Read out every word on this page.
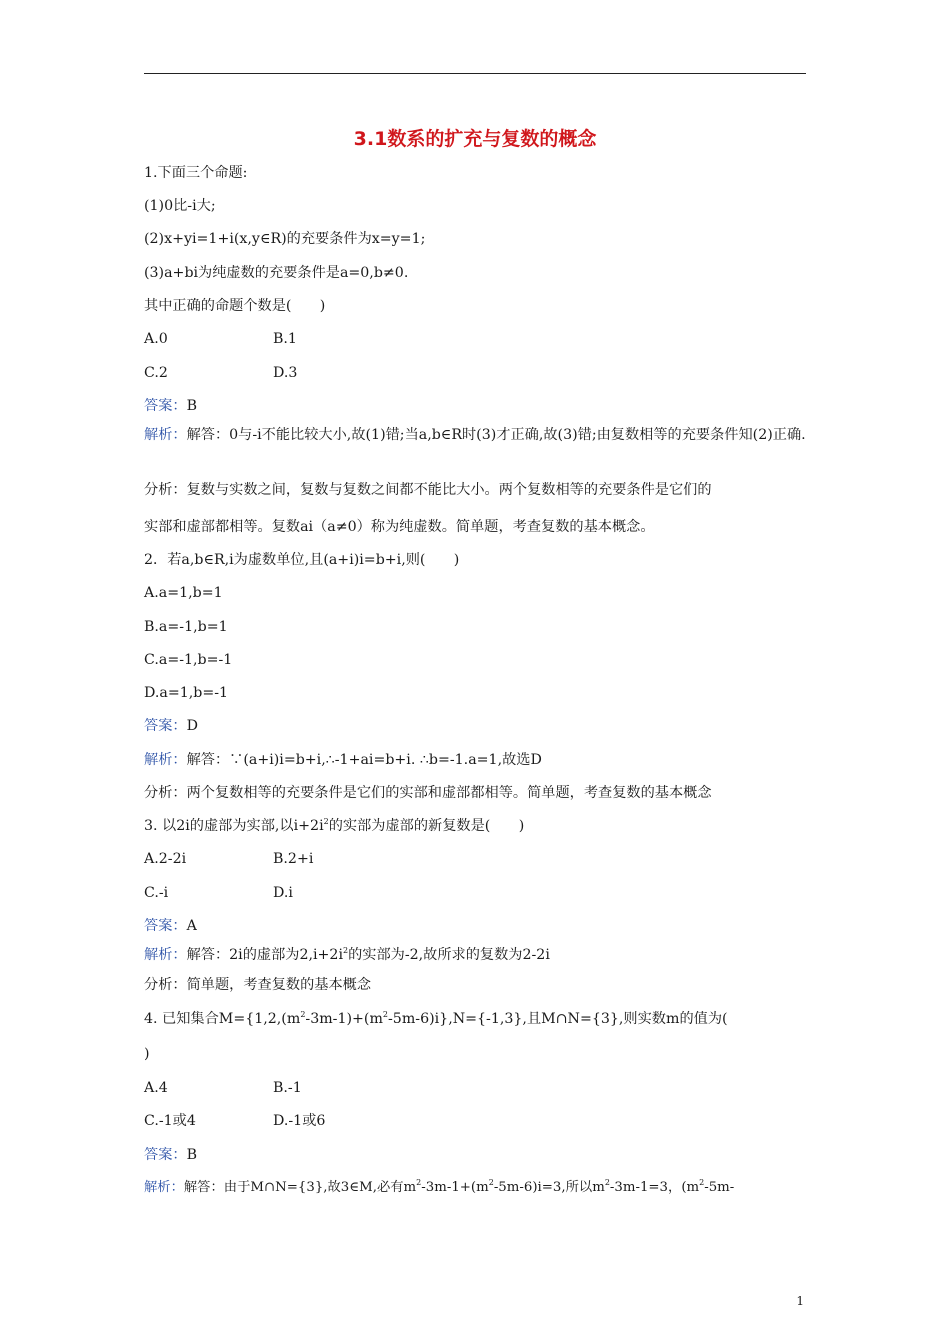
3.1数系的扩充与复数的概念
1.下面三个命题:
(1)0比-i大;
(2)x+yi=1+i(x,y∈R)的充要条件为x=y=1;
(3)a+bi为纯虚数的充要条件是a=0,b≠0.
其中正确的命题个数是(　　)
A.0	B.1
C.2	D.3
答案：B
解析：解答：0与-i不能比较大小,故(1)错;当a,b∈R时(3)才正确,故(3)错;由复数相等的充要条件知(2)正确.
分析：复数与实数之间，复数与复数之间都不能比大小。两个复数相等的充要条件是它们的
实部和虚部都相等。复数ai（a≠0）称为纯虚数。简单题，考查复数的基本概念。
2．若a,b∈R,i为虚数单位,且(a+i)i=b+i,则(　　)
A.a=1,b=1
B.a=-1,b=1
C.a=-1,b=-1
D.a=1,b=-1
答案：D
解析：解答：∵(a+i)i=b+i,∴-1+ai=b+i. ∴b=-1.a=1,故选D
分析：两个复数相等的充要条件是它们的实部和虚部都相等。简单题，考查复数的基本概念
3. 以2i的虚部为实部,以$i+2i^2$的实部为虚部的新复数是(　　)
A.2-2i	B.2+i
C.-i	D.i
答案：A
解析：解答：2i的虚部为$2,i+2i^2$的实部为-2,故所求的复数为2-2i
分析：简单题，考查复数的基本概念
4. 已知集合$M=\{1,2,(m^2-3m-1)+(m^2-5m-6)i\},N=\{-1,3\}$,且M∩N={3},则实数m的值为(
)
A.4	B.-1
C.-1或4	D.-1或6
答案：B
解析：解答：由于M∩N={3},故3∈M,必有$m^2-3m-1+(m^2-5m-6)i=3$,所以$m^2-3m-1=3$，($m^2-5m-$
1
